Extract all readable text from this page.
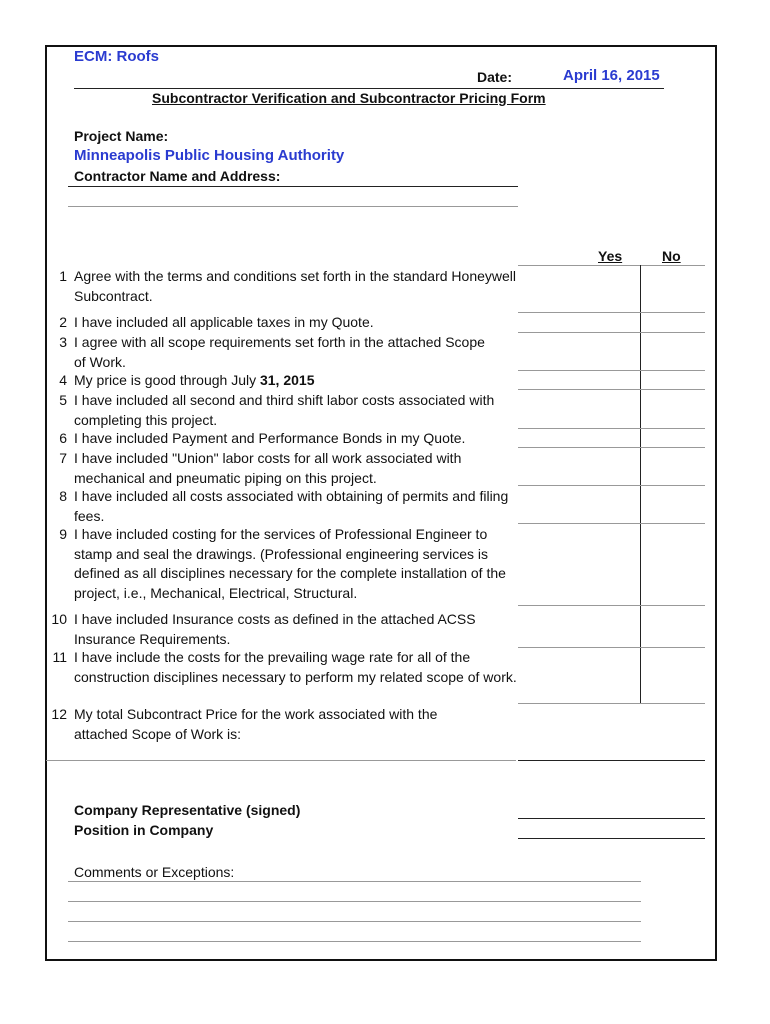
ECM: Roofs
Date:	April 16, 2015
Subcontractor Verification and Subcontractor Pricing Form
Project Name:
Minneapolis Public Housing Authority
Contractor Name and Address:
Yes	No
1 Agree with the terms and conditions set forth in the standard Honeywell Subcontract.
2 I have included all applicable taxes in my Quote.
3 I agree with all scope requirements set forth in the attached Scope of Work.
4 My price is good through July 31, 2015
5 I have included all second and third shift labor costs associated with completing this project.
6 I have included Payment and Performance Bonds in my Quote.
7 I have included "Union" labor costs for all work associated with mechanical and pneumatic piping on this project.
8 I have included all costs associated with obtaining of permits and filing fees.
9 I have included costing for the services of Professional Engineer to stamp and seal the drawings. (Professional engineering services is defined as all disciplines necessary for the complete installation of the project, i.e., Mechanical, Electrical, Structural.
10 I have included Insurance costs as defined in the attached ACSS Insurance Requirements.
11 I have include the costs for the prevailing wage rate for all of the construction disciplines necessary to perform my related scope of work.
12 My total Subcontract Price for the work associated with the attached Scope of Work is:
Company Representative (signed)
Position in Company
Comments or Exceptions:
